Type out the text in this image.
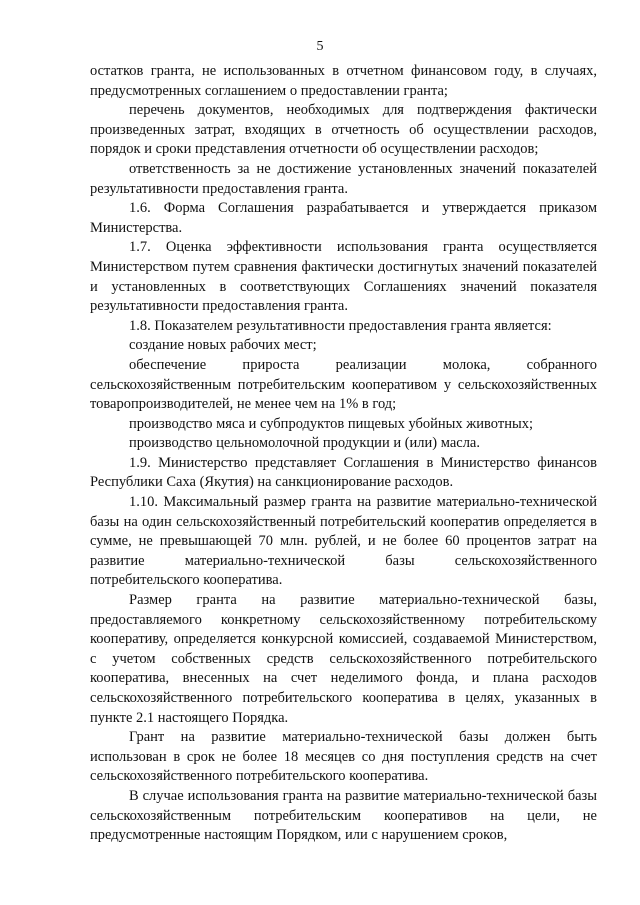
5

остатков гранта, не использованных в отчетном финансовом году, в случаях, предусмотренных соглашением о предоставлении гранта;

перечень документов, необходимых для подтверждения фактически произведенных затрат, входящих в отчетность об осуществлении расходов, порядок и сроки представления отчетности об осуществлении расходов;

ответственность за не достижение установленных значений показателей результативности предоставления гранта.

1.6. Форма Соглашения разрабатывается и утверждается приказом Министерства.

1.7. Оценка эффективности использования гранта осуществляется Министерством путем сравнения фактически достигнутых значений показателей и установленных в соответствующих Соглашениях значений показателя результативности предоставления гранта.

1.8. Показателем результативности предоставления гранта является:

создание новых рабочих мест;

обеспечение прироста реализации молока, собранного сельскохозяйственным потребительским кооперативом у сельскохозяйственных товаропроизводителей, не менее чем на 1% в год;

производство мяса и субпродуктов пищевых убойных животных;

производство цельномолочной продукции и (или) масла.

1.9. Министерство представляет Соглашения в Министерство финансов Республики Саха (Якутия) на санкционирование расходов.

1.10. Максимальный размер гранта на развитие материально-технической базы на один сельскохозяйственный потребительский кооператив определяется в сумме, не превышающей 70 млн. рублей, и не более 60 процентов затрат на развитие материально-технической базы сельскохозяйственного потребительского кооператива.

Размер гранта на развитие материально-технической базы, предоставляемого конкретному сельскохозяйственному потребительскому кооперативу, определяется конкурсной комиссией, создаваемой Министерством, с учетом собственных средств сельскохозяйственного потребительского кооператива, внесенных на счет неделимого фонда, и плана расходов сельскохозяйственного потребительского кооператива в целях, указанных в пункте 2.1 настоящего Порядка.

Грант на развитие материально-технической базы должен быть использован в срок не более 18 месяцев со дня поступления средств на счет сельскохозяйственного потребительского кооператива.

В случае использования гранта на развитие материально-технической базы сельскохозяйственным потребительским кооперативов на цели, не предусмотренные настоящим Порядком, или с нарушением сроков,
